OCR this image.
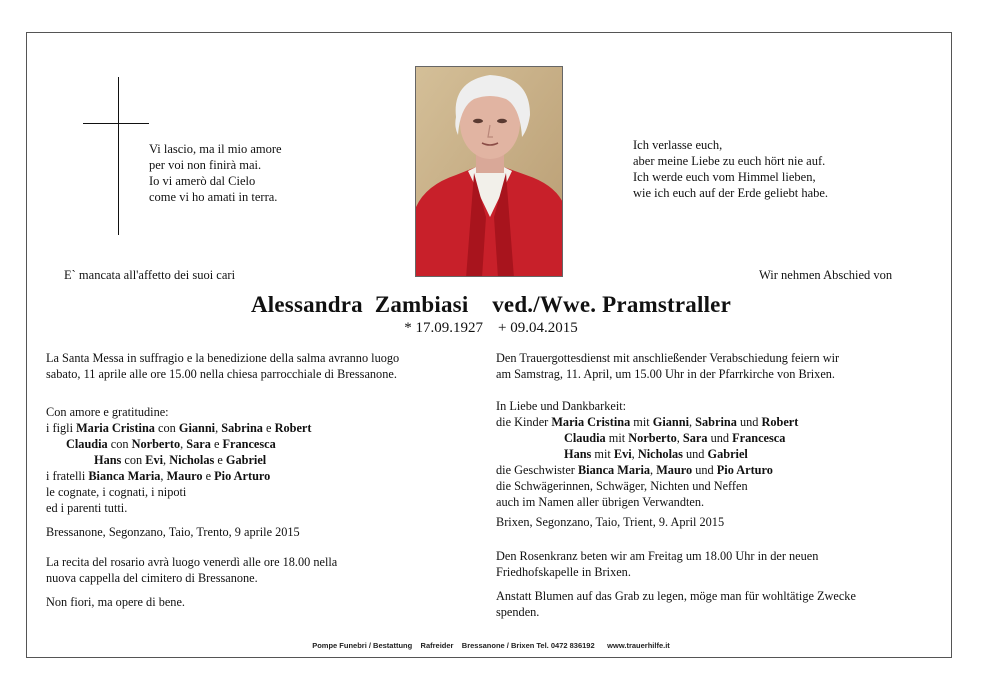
Vi lascio, ma il mio amore
per voi non finirà mai.
Io vi amerò dal Cielo
come vi ho amati in terra.
Ich verlasse euch,
aber meine Liebe zu euch hört nie auf.
Ich werde euch vom Himmel lieben,
wie ich euch auf der Erde geliebt habe.
E` mancata all'affetto dei suoi cari	Wir nehmen Abschied von
Alessandra  Zambiasi    ved./Wwe. Pramstraller
* 17.09.1927    + 09.04.2015
La Santa Messa in suffragio e la benedizione della salma avranno luogo
sabato, 11 aprile alle ore 15.00 nella chiesa parrocchiale di Bressanone.
Con amore e gratitudine:
i figli Maria Cristina con Gianni, Sabrina e Robert
Claudia con Norberto, Sara e Francesca
Hans con Evi, Nicholas e Gabriel
i fratelli Bianca Maria, Mauro e Pio Arturo
le cognate, i cognati, i nipoti
ed i parenti tutti.
Bressanone, Segonzano, Taio, Trento, 9 aprile 2015
La recita del rosario avrà luogo venerdì alle ore 18.00 nella
nuova cappella del cimitero di Bressanone.
Non fiori, ma opere di bene.
Den Trauergottesdienst mit anschließender Verabschiedung feiern wir
am Samstrag, 11. April, um 15.00 Uhr in der Pfarrkirche von Brixen.
In Liebe und Dankbarkeit:
die Kinder Maria Cristina mit Gianni, Sabrina und Robert
Claudia mit Norberto, Sara und Francesca
Hans mit Evi, Nicholas und Gabriel
die Geschwister Bianca Maria, Mauro und Pio Arturo
die Schwägerinnen, Schwäger, Nichten und Neffen
auch im Namen aller übrigen Verwandten.
Brixen, Segonzano, Taio, Trient, 9. April 2015
Den Rosenkranz beten wir am Freitag um 18.00 Uhr in der neuen
Friedhofskapelle in Brixen.
Anstatt Blumen auf das Grab zu legen, möge man für wohltätige Zwecke
spenden.
Pompe Funebri / Bestattung    Rafreider    Bressanone / Brixen Tel. 0472 836192      www.trauerhilfe.it
